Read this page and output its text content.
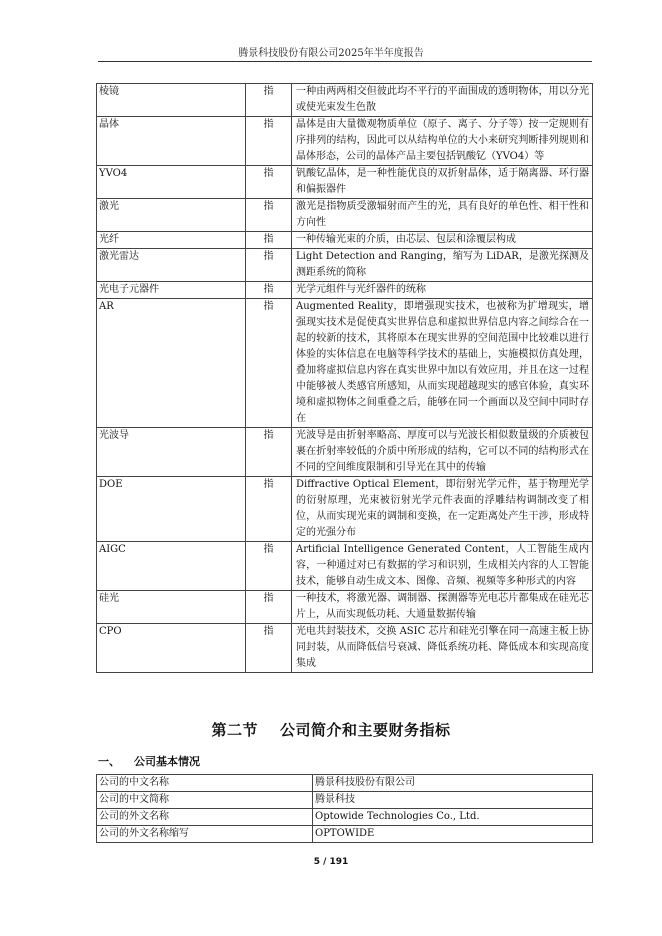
腾景科技股份有限公司2025年半年度报告
棱镜	指	一种由两两相交但彼此均不平行的平面围成的透明物体，用以分光或使光束发生色散
晶体	指	晶体是由大量微观物质单位（原子、离子、分子等）按一定规则有序排列的结构，因此可以从结构单位的大小来研究判断排列规则和晶体形态，公司的晶体产品主要包括钒酸钇（YVO4）等
YVO4	指	钒酸钇晶体，是一种性能优良的双折射晶体，适于隔离器、环行器和偏振器件
激光	指	激光是指物质受激辐射而产生的光，具有良好的单色性、相干性和方向性
光纤	指	一种传输光束的介质，由芯层、包层和涂覆层构成
激光雷达	指	Light Detection and Ranging，缩写为 LiDAR，是激光探测及测距系统的简称
光电子元器件	指	光学元组件与光纤器件的统称
AR	指	Augmented Reality，即增强现实技术，也被称为扩增现实，增强现实技术是促使真实世界信息和虚拟世界信息内容之间综合在一起的较新的技术，其将原本在现实世界的空间范围中比较难以进行体验的实体信息在电脑等科学技术的基础上，实施模拟仿真处理，叠加将虚拟信息内容在真实世界中加以有效应用，并且在这一过程中能够被人类感官所感知，从而实现超越现实的感官体验，真实环境和虚拟物体之间重叠之后，能够在同一个画面以及空间中同时存在
光波导	指	光波导是由折射率略高、厚度可以与光波长相似数量级的介质被包裹在折射率较低的介质中所形成的结构，它可以不同的结构形式在不同的空间维度限制和引导光在其中的传输
DOE	指	Diffractive Optical Element，即衍射光学元件，基于物理光学的衍射原理，光束被衍射光学元件表面的浮雕结构调制改变了相位，从而实现光束的调制和变换，在一定距离处产生干涉，形成特定的光强分布
AIGC	指	Artificial Intelligence Generated Content，人工智能生成内容，一种通过对已有数据的学习和识别，生成相关内容的人工智能技术，能够自动生成文本、图像、音频、视频等多种形式的内容
硅光	指	一种技术，将激光器、调制器、探测器等光电芯片都集成在硅光芯片上，从而实现低功耗、大通量数据传输
CPO	指	光电共封装技术，交换 ASIC 芯片和硅光引擎在同一高速主板上协同封装，从而降低信号衰减、降低系统功耗、降低成本和实现高度集成
第二节 公司简介和主要财务指标
一、 公司基本情况
公司的中文名称	腾景科技股份有限公司
公司的中文简称	腾景科技
公司的外文名称	Optowide Technologies Co., Ltd.
公司的外文名称缩写	OPTOWIDE
5 / 191
